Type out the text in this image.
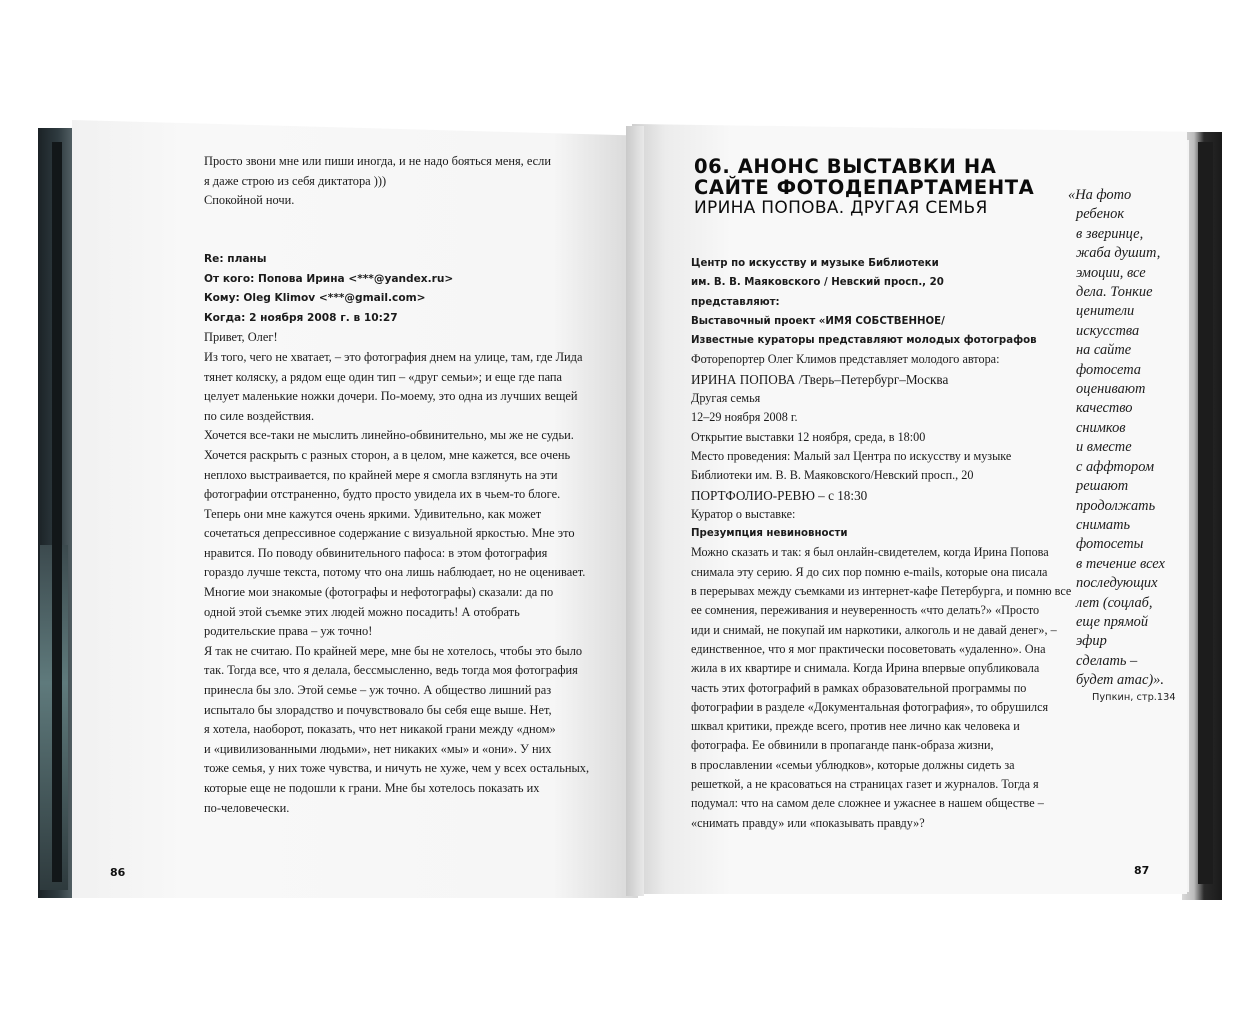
Просто звони мне или пиши иногда, и не надо бояться меня, если
я даже строю из себя диктатора )))
Спокойной ночи.

Re: планы
От кого: Попова Ирина <***@yandex.ru>
Кому: Oleg Klimov <***@gmail.com>
Когда: 2 ноября 2008 г. в 10:27
Привет, Олег!
Из того, чего не хватает, – это фотография днем на улице, там, где Лида
тянет коляску, а рядом еще один тип – «друг семьи»; и еще где папа
целует маленькие ножки дочери. По-моему, это одна из лучших вещей
по силе воздействия.
Хочется все-таки не мыслить линейно-обвинительно, мы же не судьи.
Хочется раскрыть с разных сторон, а в целом, мне кажется, все очень
неплохо выстраивается, по крайней мере я смогла взглянуть на эти
фотографии отстраненно, будто просто увидела их в чьем-то блоге.
Теперь они мне кажутся очень яркими. Удивительно, как может
сочетаться депрессивное содержание с визуальной яркостью. Мне это
нравится. По поводу обвинительного пафоса: в этом фотография
гораздо лучше текста, потому что она лишь наблюдает, но не оценивает.
Многие мои знакомые (фотографы и нефотографы) сказали: да по
одной этой съемке этих людей можно посадить! А отобрать
родительские права – уж точно!
Я так не считаю. По крайней мере, мне бы не хотелось, чтобы это было
так. Тогда все, что я делала, бессмысленно, ведь тогда моя фотография
принесла бы зло. Этой семье – уж точно. А общество лишний раз
испытало бы злорадство и почувствовало бы себя еще выше. Нет,
я хотела, наоборот, показать, что нет никакой грани между «дном»
и «цивилизованными людьми», нет никаких «мы» и «они». У них
тоже семья, у них тоже чувства, и ничуть не хуже, чем у всех остальных,
которые еще не подошли к грани. Мне бы хотелось показать их
по-человечески.
86
06. АНОНС ВЫСТАВКИ НА
САЙТЕ ФОТОДЕПАРТАМЕНТА
ИРИНА ПОПОВА. ДРУГАЯ СЕМЬЯ
Центр по искусству и музыке Библиотеки
им. В. В. Маяковского / Невский просп., 20
представляют:
Выставочный проект «ИМЯ СОБСТВЕННОЕ/
Известные кураторы представляют молодых фотографов
Фоторепортер Олег Климов представляет молодого автора:
ИРИНА ПОПОВА /Тверь–Петербург–Москва
Другая семья
12–29 ноября 2008 г.
Открытие выставки 12 ноября, среда, в 18:00
Место проведения: Малый зал Центра по искусству и музыке
Библиотеки им. В. В. Маяковского/Невский просп., 20
ПОРТФОЛИО-РЕВЮ – с 18:30
Куратор о выставке:
Презумпция невиновности
Можно сказать и так: я был онлайн-свидетелем, когда Ирина Попова
снимала эту серию. Я до сих пор помню e-mails, которые она писала
в перерывах между съемками из интернет-кафе Петербурга, и помню все
ее сомнения, переживания и неуверенность «что делать?» «Просто
иди и снимай, не покупай им наркотики, алкоголь и не давай денег», –
единственное, что я мог практически посоветовать «удаленно». Она
жила в их квартире и снимала. Когда Ирина впервые опубликовала
часть этих фотографий в рамках образовательной программы по
фотографии в разделе «Документальная фотография», то обрушился
шквал критики, прежде всего, против нее лично как человека и
фотографа. Ее обвинили в пропаганде панк-образа жизни,
в прославлении «семьи ублюдков», которые должны сидеть за
решеткой, а не красоваться на страницах газет и журналов. Тогда я
подумал: что на самом деле сложнее и ужаснее в нашем обществе –
«снимать правду» или «показывать правду»?
«На фото
ребенок
в зверинце,
жаба душит,
эмоции, все
дела. Тонкие
ценители
искусства
на сайте
фотосета
оценивают
качество
снимков
и вместе
с аффтором
решают
продолжать
снимать
фотосеты
в течение всех
последующих
лет (соцлаб,
еще прямой
эфир
сделать –
будет атас)».
Пупкин, стр.134
87
